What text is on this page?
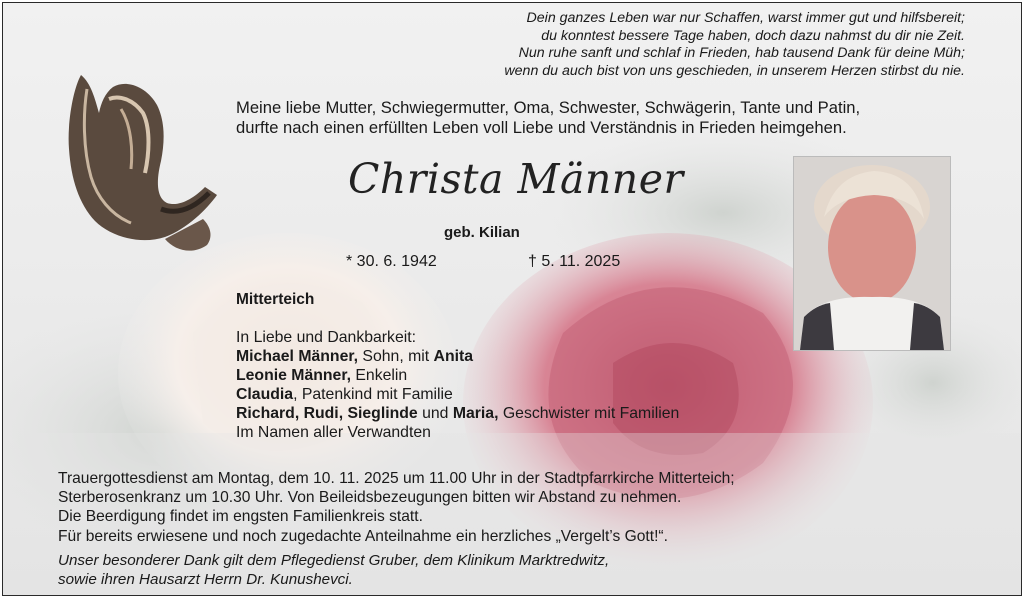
Dein ganzes Leben war nur Schaffen, warst immer gut und hilfsbereit;
du konntest bessere Tage haben, doch dazu nahmst du dir nie Zeit.
Nun ruhe sanft und schlaf in Frieden, hab tausend Dank für deine Müh;
wenn du auch bist von uns geschieden, in unserem Herzen stirbst du nie.
Meine liebe Mutter, Schwiegermutter, Oma, Schwester, Schwägerin, Tante und Patin,
durfte nach einen erfüllten Leben voll Liebe und Verständnis in Frieden heimgehen.
Christa Männer
geb. Kilian
* 30. 6. 1942	† 5. 11. 2025
Mitterteich
In Liebe und Dankbarkeit:
Michael Männer, Sohn, mit Anita
Leonie Männer, Enkelin
Claudia, Patenkind mit Familie
Richard, Rudi, Sieglinde und Maria, Geschwister mit Familien
Im Namen aller Verwandten
Trauergottesdienst am Montag, dem 10. 11. 2025 um 11.00 Uhr in der Stadtpfarrkirche Mitterteich;
Sterberosenkranz um 10.30 Uhr. Von Beileidsbezeugungen bitten wir Abstand zu nehmen.
Die Beerdigung findet im engsten Familienkreis statt.
Für bereits erwiesene und noch zugedachte Anteilnahme ein herzliches „Vergelt’s Gott!“.
Unser besonderer Dank gilt dem Pflegedienst Gruber, dem Klinikum Marktredwitz,
sowie ihren Hausarzt Herrn Dr. Kunushevci.
